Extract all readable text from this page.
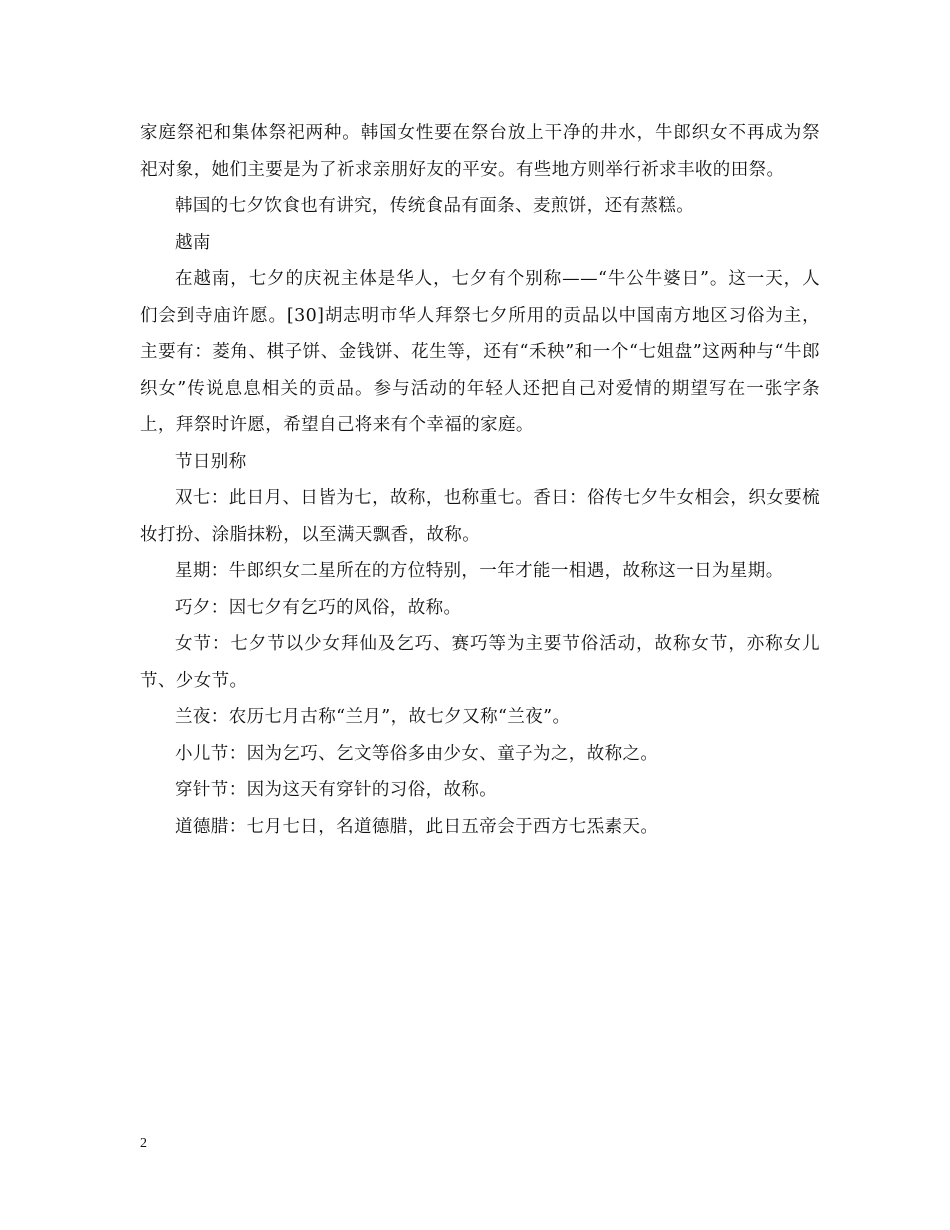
家庭祭祀和集体祭祀两种。韩国女性要在祭台放上干净的井水，牛郎织女不再成为祭祀对象，她们主要是为了祈求亲朋好友的平安。有些地方则举行祈求丰收的田祭。

韩国的七夕饮食也有讲究，传统食品有面条、麦煎饼，还有蒸糕。

越南

在越南，七夕的庆祝主体是华人，七夕有个别称——“牛公牛婆日”。这一天，人们会到寺庙许愿。[30]胡志明市华人拜祭七夕所用的贡品以中国南方地区习俗为主，主要有：菱角、棋子饼、金钱饼、花生等，还有“禾秧”和一个“七姐盘”这两种与“牛郎织女”传说息息相关的贡品。参与活动的年轻人还把自己对爱情的期望写在一张字条上，拜祭时许愿，希望自己将来有个幸福的家庭。

节日别称

双七：此日月、日皆为七，故称，也称重七。香日：俗传七夕牛女相会，织女要梳妆打扮、涂脂抹粉，以至满天飘香，故称。

星期：牛郎织女二星所在的方位特别，一年才能一相遇，故称这一日为星期。

巧夕：因七夕有乞巧的风俗，故称。

女节：七夕节以少女拜仙及乞巧、赛巧等为主要节俗活动，故称女节，亦称女儿节、少女节。

兰夜：农历七月古称“兰月”，故七夕又称“兰夜”。

小儿节：因为乞巧、乞文等俗多由少女、童子为之，故称之。

穿针节：因为这天有穿针的习俗，故称。

道德腊：七月七日，名道德腊，此日五帝会于西方七炁素天。

2
